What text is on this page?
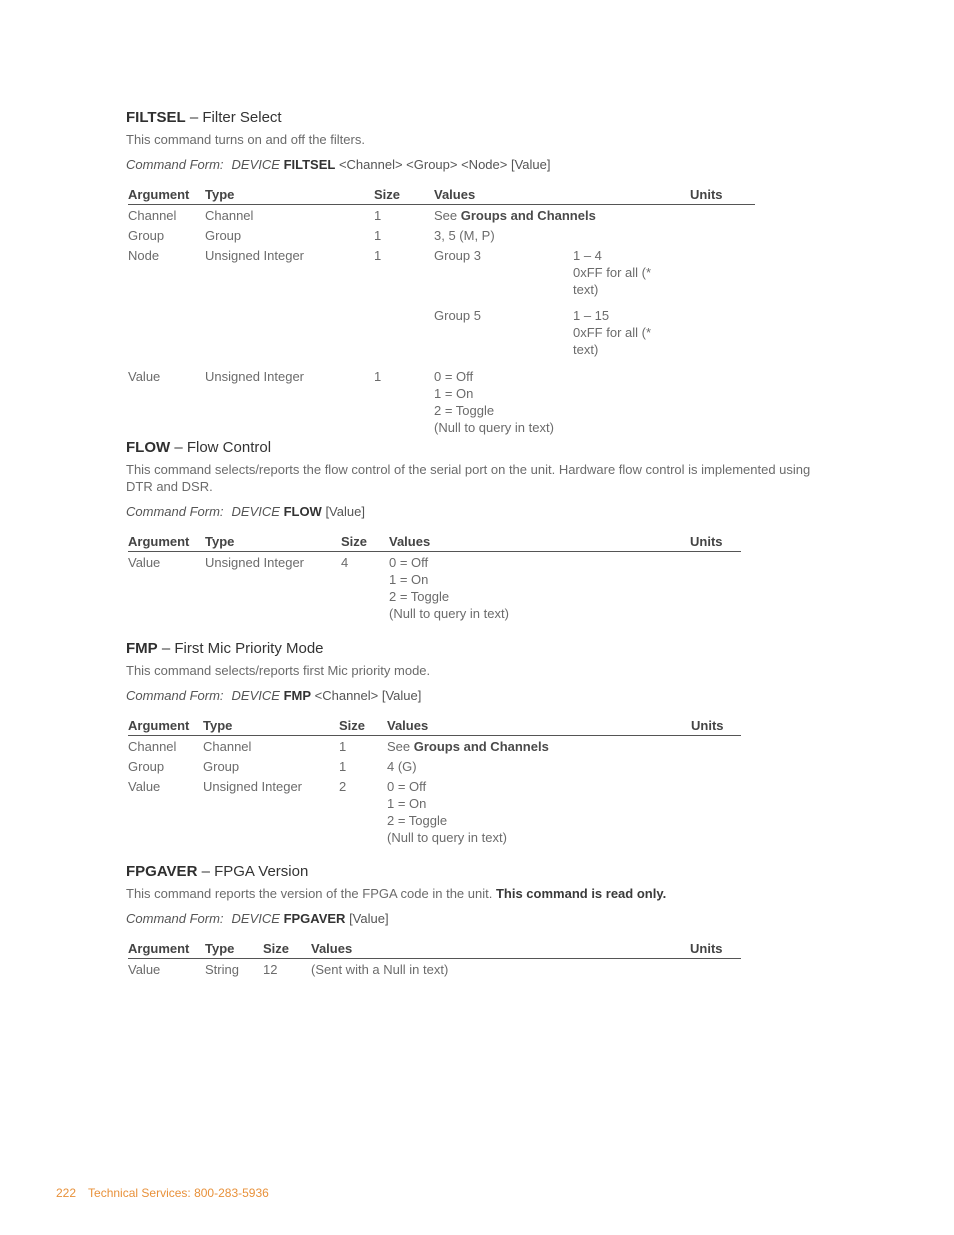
FILTSEL – Filter Select
This command turns on and off the filters.
Command Form: DEVICE FILTSEL <Channel> <Group> <Node> [Value]
Argument	Type	Size	Values		Units
Channel	Channel	1	See Groups and Channels		
Group	Group	1	3, 5 (M, P)		
Node	Unsigned Integer	1	Group 3	1 – 4
0xFF for all (*
text)	

			Group 5	1 – 15
0xFF for all (*
text)	

Value	Unsigned Integer	1	0 = Off
1 = On
2 = Toggle
(Null to query in text)		
FLOW – Flow Control
This command selects/reports the flow control of the serial port on the unit. Hardware flow control is implemented using DTR and DSR.
Command Form: DEVICE FLOW [Value]
Argument	Type	Size	Values	Units
Value	Unsigned Integer	4	0 = Off
1 = On
2 = Toggle
(Null to query in text)	
FMP – First Mic Priority Mode
This command selects/reports first Mic priority mode.
Command Form: DEVICE FMP <Channel> [Value]
Argument	Type	Size	Values	Units
Channel	Channel	1	See Groups and Channels	
Group	Group	1	4 (G)	
Value	Unsigned Integer	2	0 = Off
1 = On
2 = Toggle
(Null to query in text)	
FPGAVER – FPGA Version
This command reports the version of the FPGA code in the unit. This command is read only.
Command Form: DEVICE FPGAVER [Value]
Argument	Type	Size	Values	Units
Value	String	12	(Sent with a Null in text)	
222 Technical Services: 800-283-5936
